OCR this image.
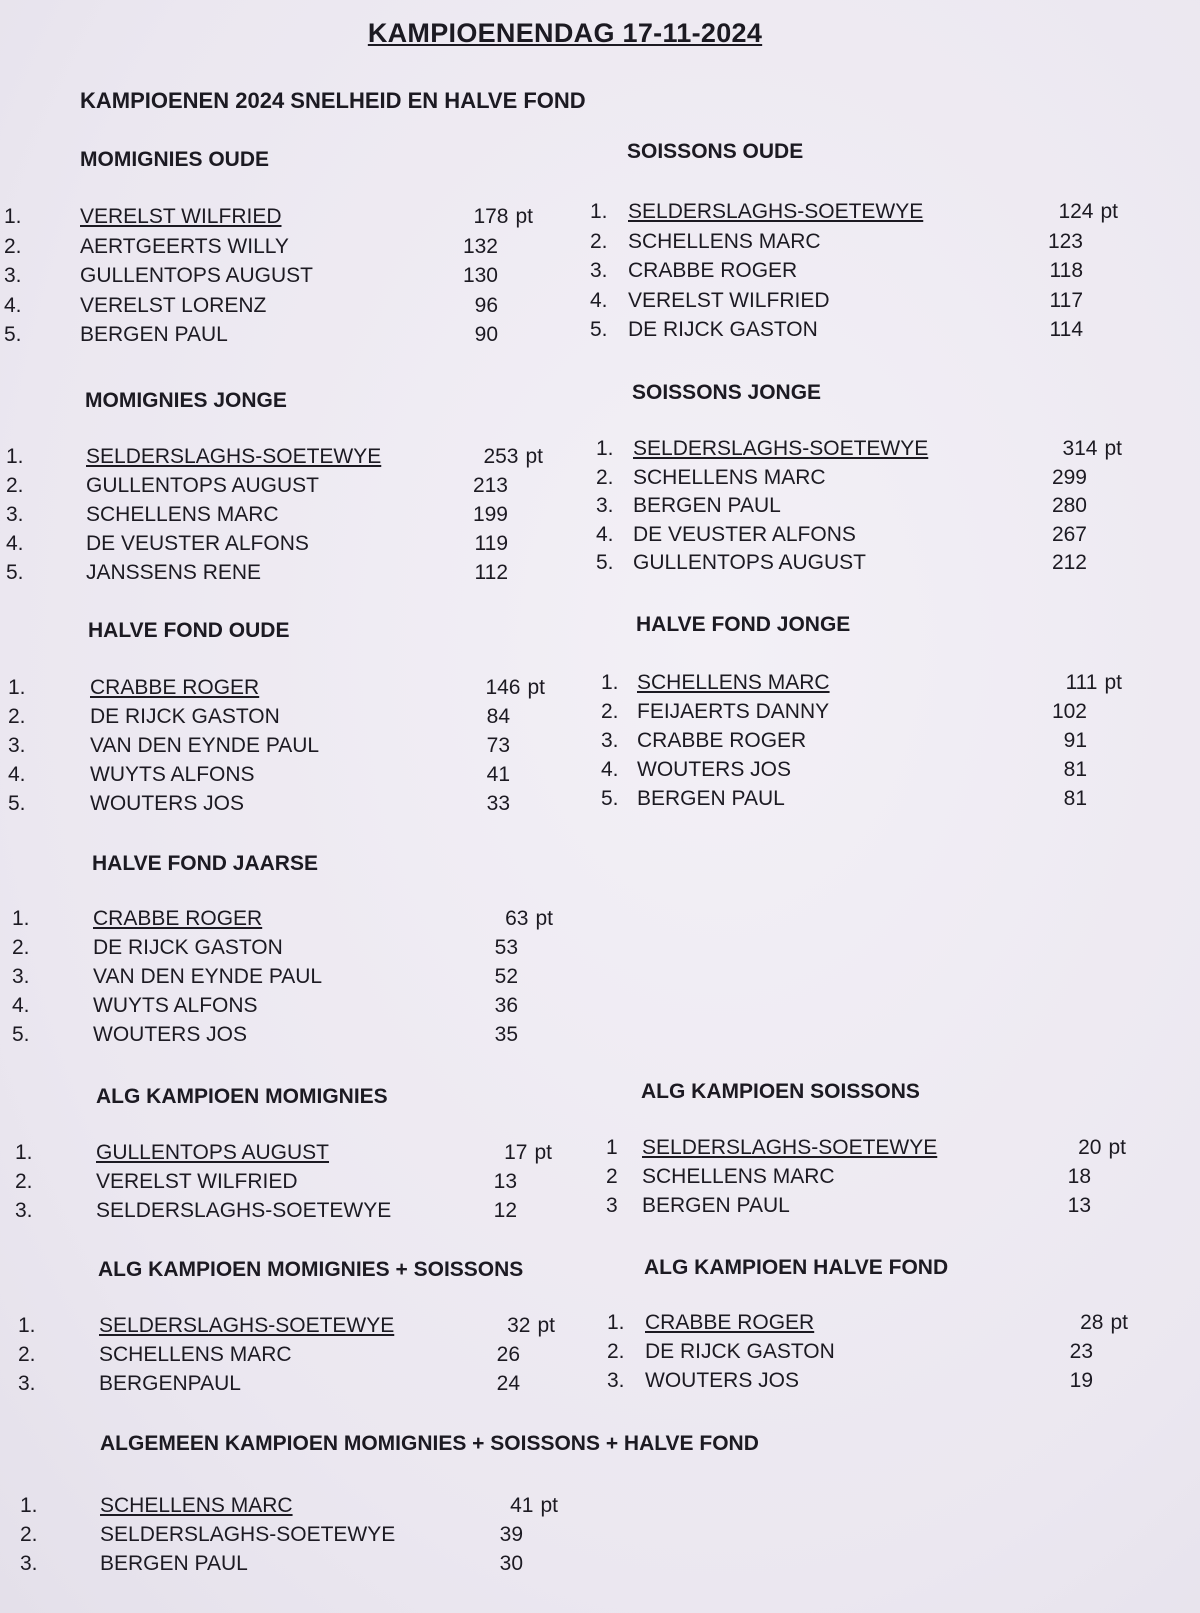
KAMPIOENENDAG 17-11-2024
KAMPIOENEN 2024 SNELHEID EN HALVE FOND
MOMIGNIES OUDE
1.	VERELST WILFRIED	178 pt
2.	AERTGEERTS WILLY	132
3.	GULLENTOPS AUGUST	130
4.	VERELST LORENZ	96
5.	BERGEN PAUL	90
SOISSONS OUDE
1. SELDERSLAGHS-SOETEWYE	124 pt
2. SCHELLENS MARC	123
3. CRABBE ROGER	118
4. VERELST WILFRIED	117
5. DE RIJCK GASTON	114
MOMIGNIES JONGE
1.	SELDERSLAGHS-SOETEWYE	253 pt
2.	GULLENTOPS AUGUST	213
3.	SCHELLENS MARC	199
4.	DE VEUSTER ALFONS	119
5.	JANSSENS RENE	112
SOISSONS JONGE
1. SELDERSLAGHS-SOETEWYE	314 pt
2. SCHELLENS MARC	299
3. BERGEN PAUL	280
4. DE VEUSTER ALFONS	267
5. GULLENTOPS AUGUST	212
HALVE FOND OUDE
1.	CRABBE ROGER	146 pt
2.	DE RIJCK GASTON	84
3.	VAN DEN EYNDE PAUL	73
4.	WUYTS ALFONS	41
5.	WOUTERS JOS	33
HALVE FOND JONGE
1. SCHELLENS MARC	111 pt
2. FEIJAERTS DANNY	102
3. CRABBE ROGER	91
4. WOUTERS JOS	81
5. BERGEN PAUL	81
HALVE FOND JAARSE
1.	CRABBE ROGER	63 pt
2.	DE RIJCK GASTON	53
3.	VAN DEN EYNDE PAUL	52
4.	WUYTS ALFONS	36
5.	WOUTERS JOS	35
ALG KAMPIOEN MOMIGNIES
1.	GULLENTOPS AUGUST	17 pt
2.	VERELST WILFRIED	13
3.	SELDERSLAGHS-SOETEWYE	12
ALG KAMPIOEN SOISSONS
1 SELDERSLAGHS-SOETEWYE	20 pt
2 SCHELLENS MARC	18
3 BERGEN PAUL	13
ALG KAMPIOEN MOMIGNIES + SOISSONS
1.	SELDERSLAGHS-SOETEWYE	32 pt
2.	SCHELLENS MARC	26
3.	BERGENPAUL	24
ALG KAMPIOEN HALVE FOND
1. CRABBE ROGER	28 pt
2. DE RIJCK GASTON	23
3. WOUTERS JOS	19
ALGEMEEN KAMPIOEN MOMIGNIES + SOISSONS + HALVE FOND
1.	SCHELLENS MARC	41 pt
2.	SELDERSLAGHS-SOETEWYE	39
3.	BERGEN PAUL	30
